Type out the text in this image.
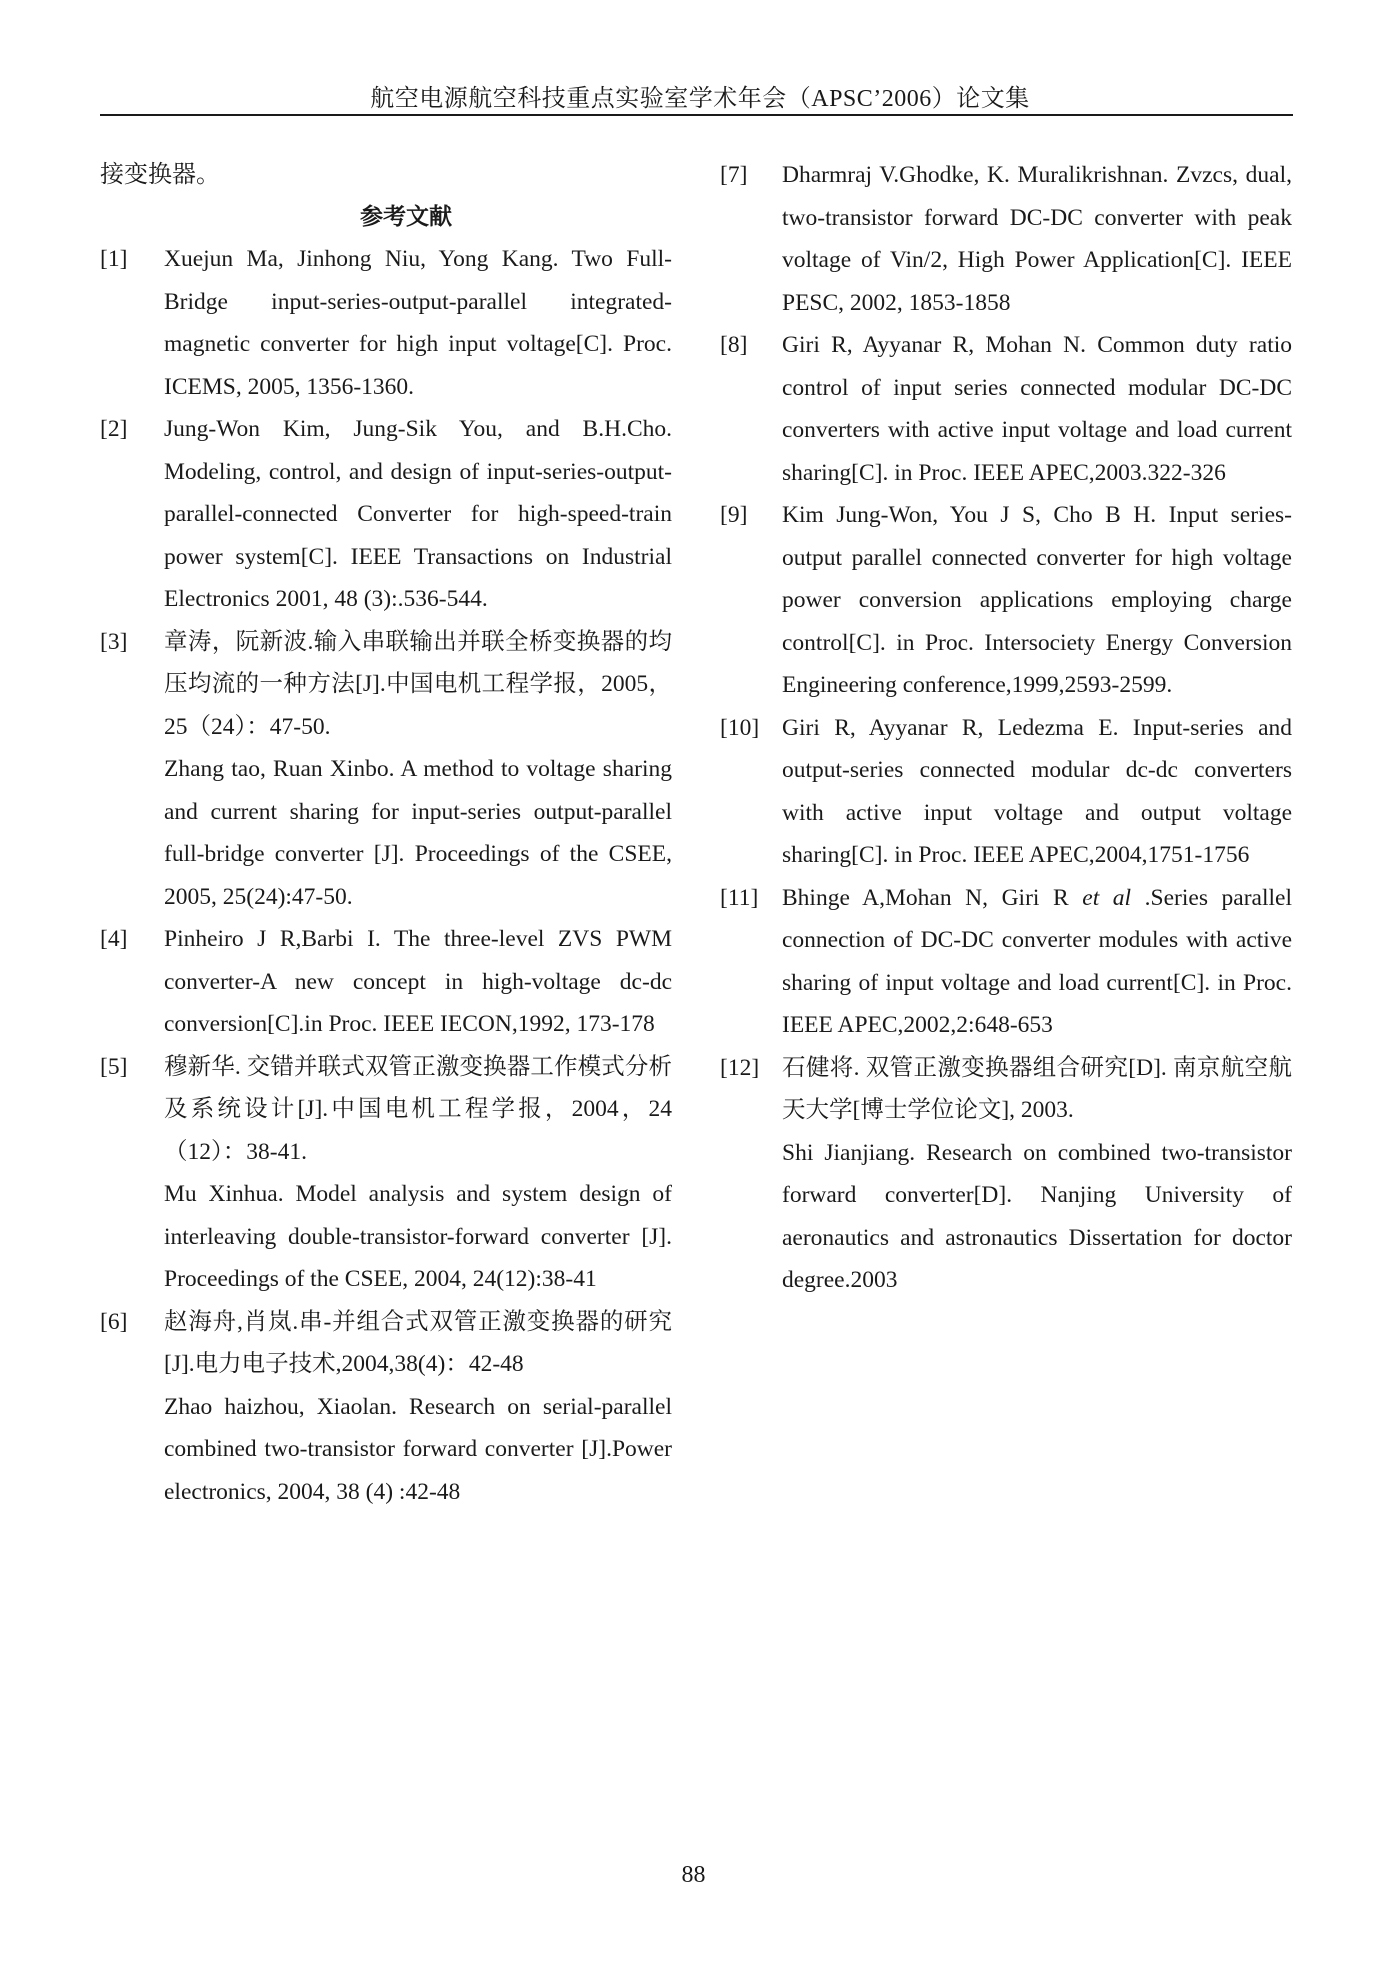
航空电源航空科技重点实验室学术年会（APSC’2006）论文集

接变换器。

参考文献

[1] Xuejun Ma, Jinhong Niu, Yong Kang. Two Full-Bridge input-series-output-parallel integrated-magnetic converter for high input voltage[C]. Proc. ICEMS, 2005, 1356-1360.
[2] Jung-Won Kim, Jung-Sik You, and B.H.Cho. Modeling, control, and design of input-series-output-parallel-connected Converter for high-speed-train power system[C]. IEEE Transactions on Industrial Electronics 2001, 48 (3):.536-544.
[3] 章涛，阮新波.输入串联输出并联全桥变换器的均压均流的一种方法[J].中国电机工程学报，2005，25（24）：47-50.

Zhang tao, Ruan Xinbo. A method to voltage sharing and current sharing for input-series output-parallel full-bridge converter [J]. Proceedings of the CSEE, 2005, 25(24):47-50.

[4] Pinheiro J R,Barbi I. The three-level ZVS PWM converter-A new concept in high-voltage dc-dc conversion[C].in Proc. IEEE IECON,1992, 173-178
[5] 穆新华. 交错并联式双管正激变换器工作模式分析及系统设计[J].中国电机工程学报，2004，24（12）：38-41.

Mu Xinhua. Model analysis and system design of interleaving double-transistor-forward converter [J]. Proceedings of the CSEE, 2004, 24(12):38-41

[6] 赵海舟,肖岚.串-并组合式双管正激变换器的研究[J].电力电子技术,2004,38(4)：42-48

Zhao haizhou, Xiaolan. Research on serial-parallel combined two-transistor forward converter [J].Power electronics, 2004, 38 (4) :42-48

[7] Dharmraj V.Ghodke, K. Muralikrishnan. Zvzcs, dual, two-transistor forward DC-DC converter with peak voltage of Vin/2, High Power Application[C]. IEEE PESC, 2002, 1853-1858
[8] Giri R, Ayyanar R, Mohan N. Common duty ratio control of input series connected modular DC-DC converters with active input voltage and load current sharing[C]. in Proc. IEEE APEC,2003.322-326
[9] Kim Jung-Won, You J S, Cho B H. Input series-output parallel connected converter for high voltage power conversion applications employing charge control[C]. in Proc. Intersociety Energy Conversion Engineering conference,1999,2593-2599.
[10] Giri R, Ayyanar R, Ledezma E. Input-series and output-series connected modular dc-dc converters with active input voltage and output voltage sharing[C]. in Proc. IEEE APEC,2004,1751-1756
[11] Bhinge A,Mohan N, Giri R et al .Series parallel connection of DC-DC converter modules with active sharing of input voltage and load current[C]. in Proc. IEEE APEC,2002,2:648-653
[12] 石健将. 双管正激变换器组合研究[D]. 南京航空航天大学[博士学位论文], 2003.

Shi Jianjiang. Research on combined two-transistor forward converter[D]. Nanjing University of aeronautics and astronautics Dissertation for doctor degree.2003

88
